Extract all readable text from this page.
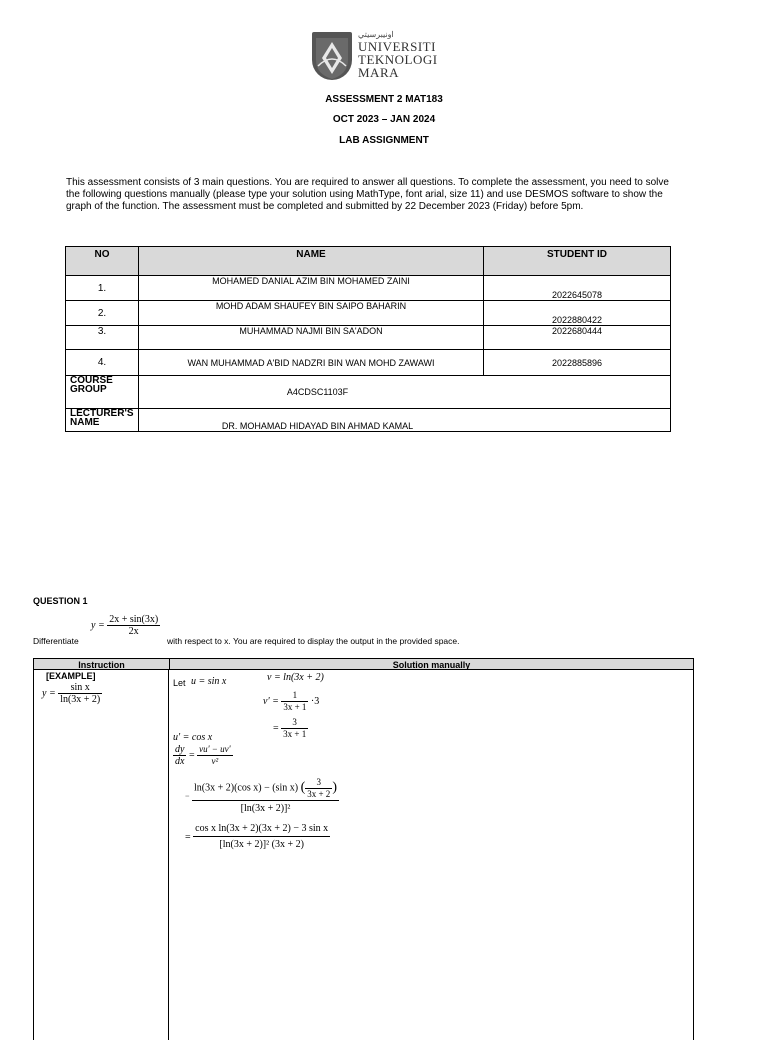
ﺍﻭﻧﻴﺒﺮﺳﻴﺘﻲ
UNIVERSITI
TEKNOLOGI
MARA
ASSESSMENT 2 MAT183
OCT 2023 – JAN 2024
LAB ASSIGNMENT
This assessment consists of 3 main questions. You are required to answer all questions. To complete the assessment, you need to solve the following questions manually (please type your solution using MathType, font arial, size 11) and use DESMOS software to show the graph of the function. The assessment must be completed and submitted by 22 December 2023 (Friday) before 5pm.
NO	NAME	STUDENT ID
1.	MOHAMED DANIAL AZIM BIN MOHAMED ZAINI	2022645078
2.	MOHD ADAM SHAUFEY BIN SAIPO BAHARIN	2022880422
3.	MUHAMMAD NAJMI BIN SA'ADON	2022680444
4.	WAN MUHAMMAD A'BID NADZRI BIN WAN MOHD ZAWAWI	2022885896
COURSE
GROUP	A4CDSC1103F	
LECTURER'S
NAME	DR. MOHAMAD HIDAYAD BIN AHMAD KAMAL	
QUESTION 1
$y = \frac{2x + \sin(3x)}{2x}$
Differentiate	with respect to x. You are required to display the output in the provided space.
Instruction	Solution manually
[EXAMPLE]
$y = \frac{\text{sin x}}{\ln(3x + 2)}$	Let u = sin x	v = ln(3x + 2)
$v' = \frac{1}{3x + 1} \cdot 3$
= $\frac{3}{3x + 1}$
u' = cos x
$\frac{dy}{dx} = \frac{vu' - uv'}{\text{v²}}$
= $\frac{\ln(3x + 2)(\cos x) - (\sin x) ( \frac{3}{3x + 2} )}{\text{[ln(3x + 2)]²}}$
= $\frac{\text{cos x ln(3x + 2)(3x + 2) − 3 sin x}}{\text{[ln(3x + 2)]² (3x + 2)}}$
